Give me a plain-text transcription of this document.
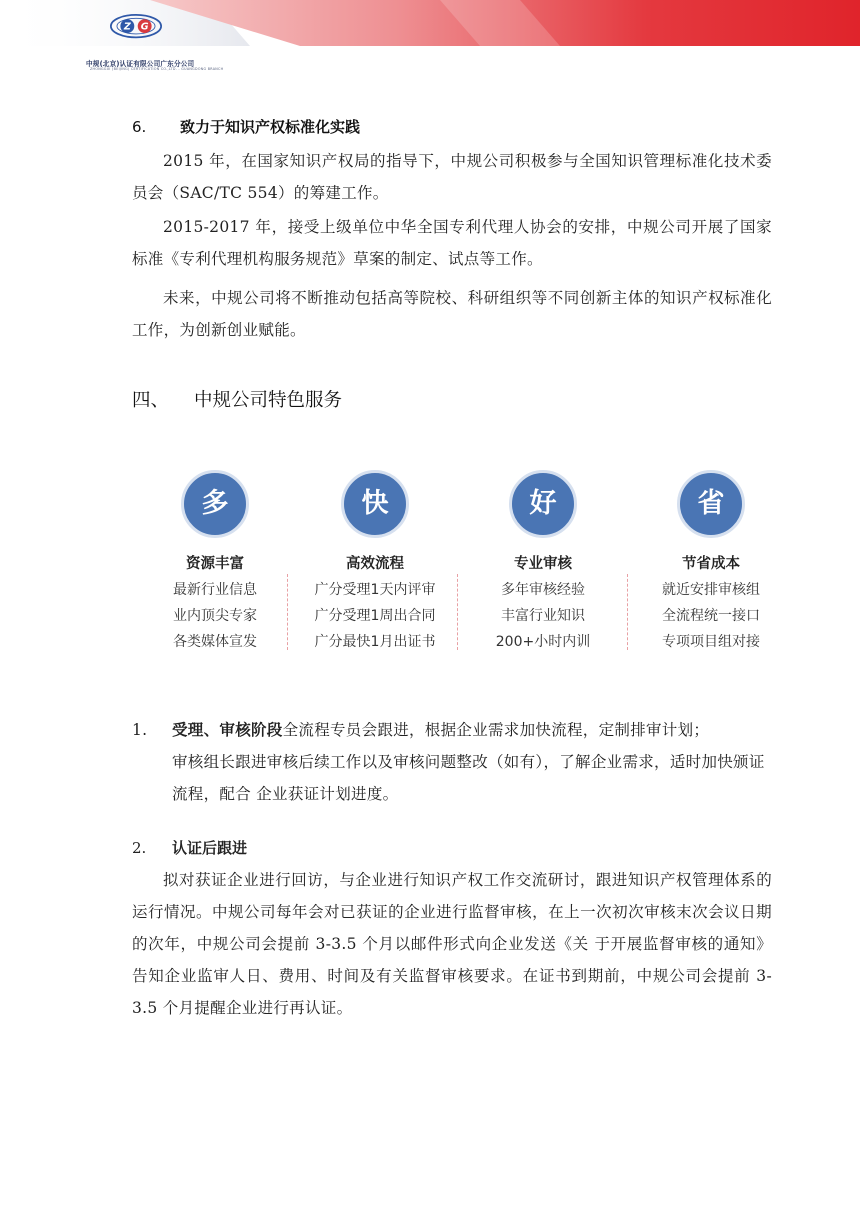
Z G
中规(北京)认证有限公司广东分公司
ZHONGGUI (BEIJING) CERTIFICATION CO.,LTD. - GUANGDONG BRANCH
6. 致力于知识产权标准化实践
2015 年，在国家知识产权局的指导下，中规公司积极参与全国知识管理标准化技术委员会（SAC/TC 554）的筹建工作。
2015-2017 年，接受上级单位中华全国专利代理人协会的安排，中规公司开展了国家标准《专利代理机构服务规范》草案的制定、试点等工作。
未来，中规公司将不断推动包括高等院校、科研组织等不同创新主体的知识产权标准化工作，为创新创业赋能。
四、 中规公司特色服务
多
资源丰富
最新行业信息
业内顶尖专家
各类媒体宣发
快
高效流程
广分受理1天内评审
广分受理1周出合同
广分最快1月出证书
好
专业审核
多年审核经验
丰富行业知识
200+小时内训
省
节省成本
就近安排审核组
全流程统一接口
专项项目组对接
1. 受理、审核阶段全流程专员会跟进，根据企业需求加快流程，定制排审计划；
审核组长跟进审核后续工作以及审核问题整改（如有），了解企业需求，适时加快颁证流程，配合 企业获证计划进度。
2. 认证后跟进
拟对获证企业进行回访，与企业进行知识产权工作交流研讨，跟进知识产权管理体系的运行情况。中规公司每年会对已获证的企业进行监督审核，在上一次初次审核末次会议日期的次年，中规公司会提前 3-3.5 个月以邮件形式向企业发送《关 于开展监督审核的通知》告知企业监审人日、费用、时间及有关监督审核要求。在证书到期前，中规公司会提前 3-3.5 个月提醒企业进行再认证。
